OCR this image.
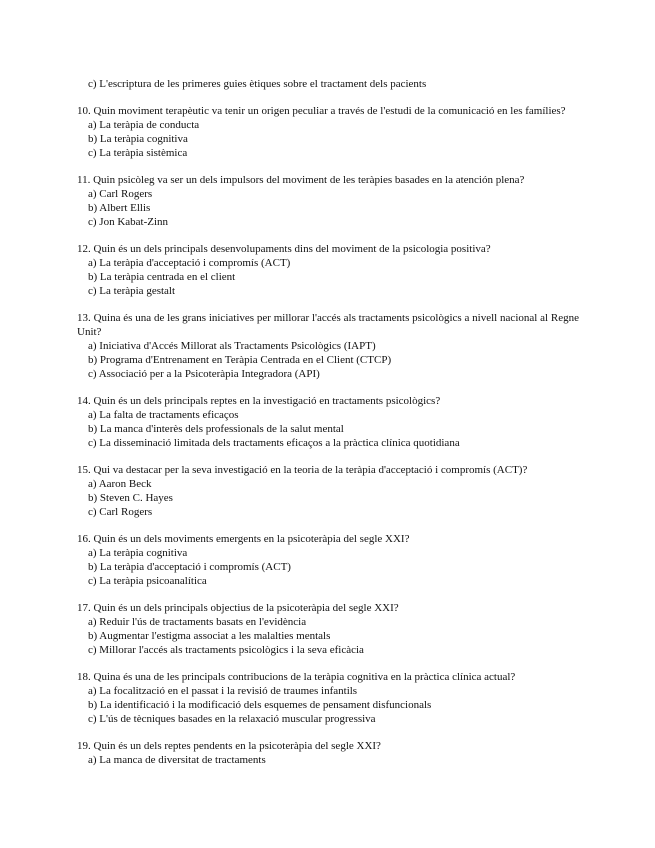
c) L'escriptura de les primeres guies ètiques sobre el tractament dels pacients
10. Quin moviment terapèutic va tenir un origen peculiar a través de l'estudi de la comunicació en les famílies?
a) La teràpia de conducta
b) La teràpia cognitiva
c) La teràpia sistèmica
11. Quin psicòleg va ser un dels impulsors del moviment de les teràpies basades en la atención plena?
a) Carl Rogers
b) Albert Ellis
c) Jon Kabat-Zinn
12. Quin és un dels principals desenvolupaments dins del moviment de la psicologia positiva?
a) La teràpia d'acceptació i compromís (ACT)
b) La teràpia centrada en el client
c) La teràpia gestalt
13. Quina és una de les grans iniciatives per millorar l'accés als tractaments psicològics a nivell nacional al Regne Unit?
a) Iniciativa d'Accés Millorat als Tractaments Psicològics (IAPT)
b) Programa d'Entrenament en Teràpia Centrada en el Client (CTCP)
c) Associació per a la Psicoteràpia Integradora (API)
14. Quin és un dels principals reptes en la investigació en tractaments psicològics?
a) La falta de tractaments eficaços
b) La manca d'interès dels professionals de la salut mental
c) La disseminació limitada dels tractaments eficaços a la pràctica clínica quotidiana
15. Qui va destacar per la seva investigació en la teoria de la teràpia d'acceptació i compromís (ACT)?
a) Aaron Beck
b) Steven C. Hayes
c) Carl Rogers
16. Quin és un dels moviments emergents en la psicoteràpia del segle XXI?
a) La teràpia cognitiva
b) La teràpia d'acceptació i compromís (ACT)
c) La teràpia psicoanalítica
17. Quin és un dels principals objectius de la psicoteràpia del segle XXI?
a) Reduir l'ús de tractaments basats en l'evidència
b) Augmentar l'estigma associat a les malalties mentals
c) Millorar l'accés als tractaments psicològics i la seva eficàcia
18. Quina és una de les principals contribucions de la teràpia cognitiva en la pràctica clínica actual?
a) La focalització en el passat i la revisió de traumes infantils
b) La identificació i la modificació dels esquemes de pensament disfuncionals
c) L'ús de tècniques basades en la relaxació muscular progressiva
19. Quin és un dels reptes pendents en la psicoteràpia del segle XXI?
a) La manca de diversitat de tractaments
